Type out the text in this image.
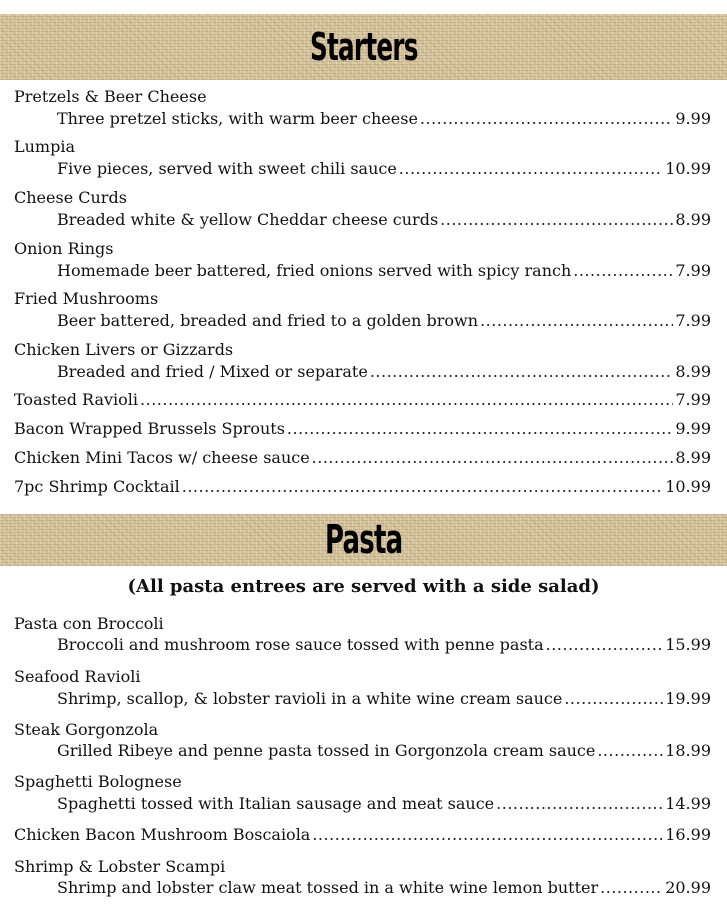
Starters
Pretzels & Beer Cheese
Three pretzel sticks, with warm beer cheese .....	9.99
Lumpia
Five pieces, served with sweet chili sauce .....	10.99
Cheese Curds
Breaded white & yellow Cheddar cheese curds .....	8.99
Onion Rings
Homemade beer battered, fried onions served with spicy ranch .....	7.99
Fried Mushrooms
Beer battered, breaded and fried to a golden brown .....	7.99
Chicken Livers or Gizzards
Breaded and fried / Mixed or separate .....	8.99
Toasted Ravioli .....	7.99
Bacon Wrapped Brussels Sprouts .....	9.99
Chicken Mini Tacos w/ cheese sauce .....	8.99
7pc Shrimp Cocktail .....	10.99
Pasta
(All pasta entrees are served with a side salad)
Pasta con Broccoli
Broccoli and mushroom rose sauce tossed with penne pasta .....	15.99
Seafood Ravioli
Shrimp, scallop, & lobster ravioli in a white wine cream sauce .....	19.99
Steak Gorgonzola
Grilled Ribeye and penne pasta tossed in Gorgonzola cream sauce .....	18.99
Spaghetti Bolognese
Spaghetti tossed with Italian sausage and meat sauce .....	14.99
Chicken Bacon Mushroom Boscaiola .....	16.99
Shrimp & Lobster Scampi
Shrimp and lobster claw meat tossed in a white wine lemon butter .....	20.99
